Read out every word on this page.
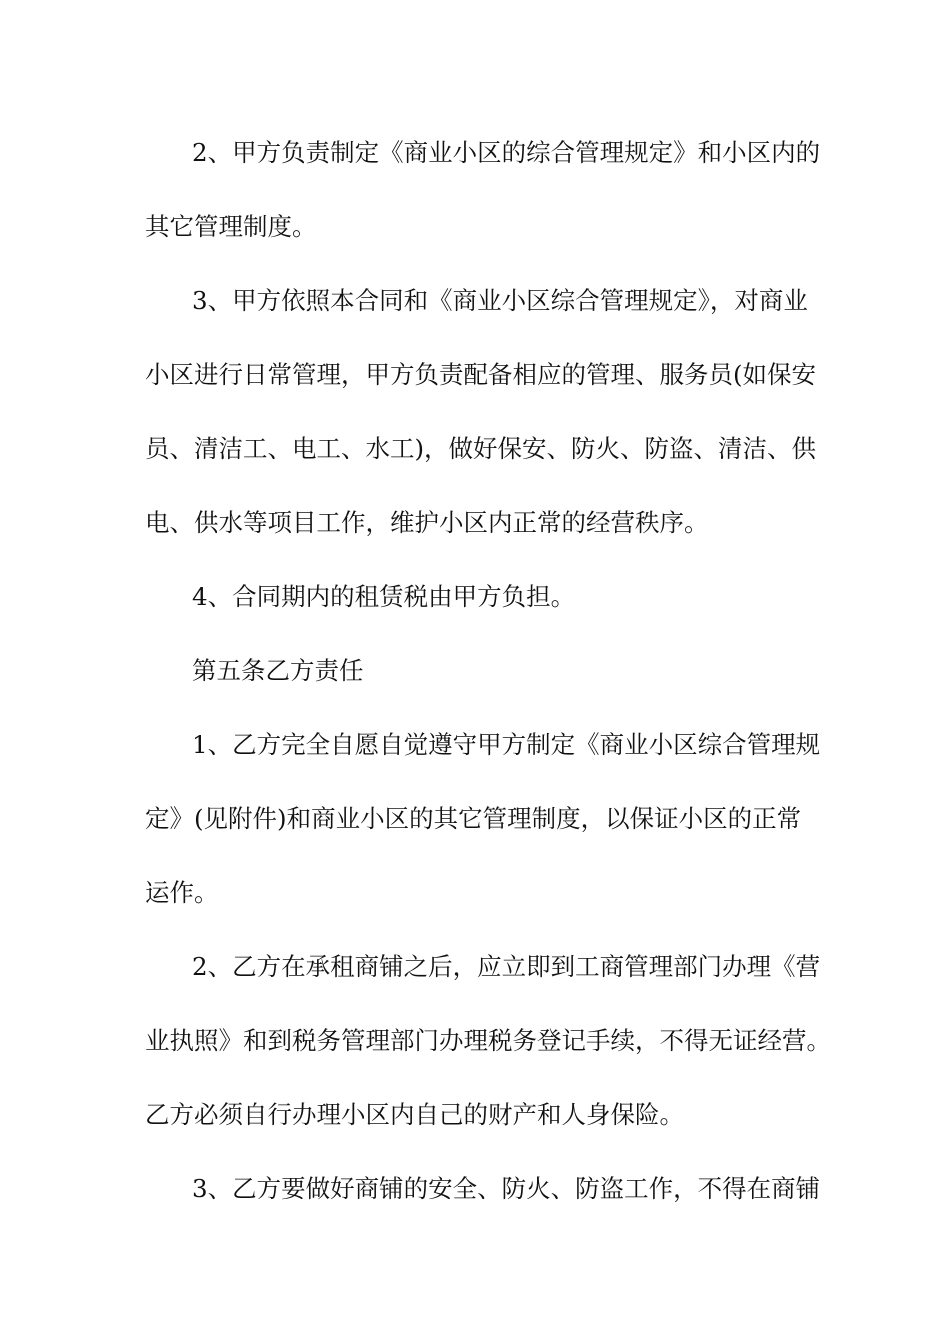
2、甲方负责制定《商业小区的综合管理规定》和小区内的
其它管理制度。
3、甲方依照本合同和《商业小区综合管理规定》，对商业
小区进行日常管理，甲方负责配备相应的管理、服务员(如保安
员、清洁工、电工、水工)，做好保安、防火、防盗、清洁、供
电、供水等项目工作，维护小区内正常的经营秩序。
4、合同期内的租赁税由甲方负担。
第五条乙方责任
1、乙方完全自愿自觉遵守甲方制定《商业小区综合管理规
定》(见附件)和商业小区的其它管理制度，以保证小区的正常
运作。
2、乙方在承租商铺之后，应立即到工商管理部门办理《营
业执照》和到税务管理部门办理税务登记手续，不得无证经营。
乙方必须自行办理小区内自己的财产和人身保险。
3、乙方要做好商铺的安全、防火、防盗工作，不得在商铺
